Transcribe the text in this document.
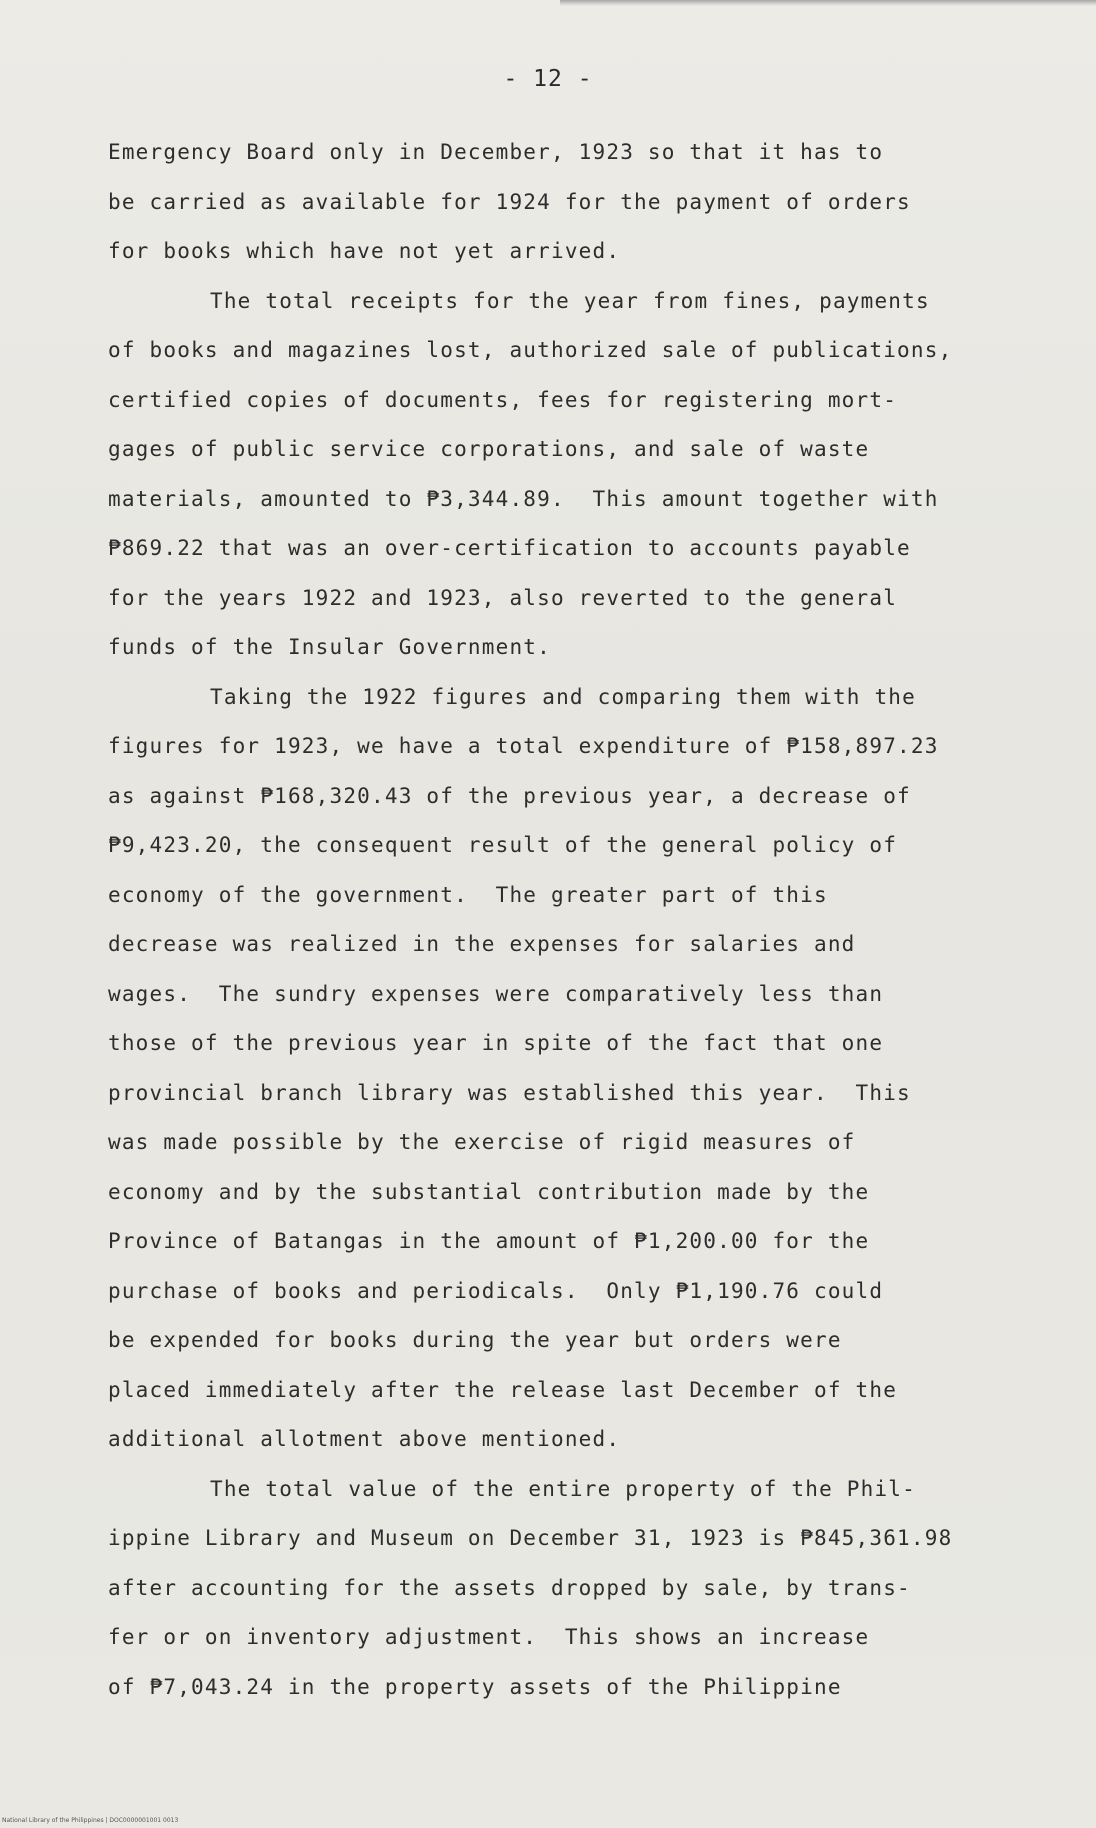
- 12 -
Emergency Board only in December, 1923 so that it has to
be carried as available for 1924 for the payment of orders
for books which have not yet arrived.
The total receipts for the year from fines, payments
of books and magazines lost, authorized sale of publications,
certified copies of documents, fees for registering mort-
gages of public service corporations, and sale of waste
materials, amounted to ₱3,344.89.  This amount together with
₱869.22 that was an over-certification to accounts payable
for the years 1922 and 1923, also reverted to the general
funds of the Insular Government.
Taking the 1922 figures and comparing them with the
figures for 1923, we have a total expenditure of ₱158,897.23
as against ₱168,320.43 of the previous year, a decrease of
₱9,423.20, the consequent result of the general policy of
economy of the government.  The greater part of this
decrease was realized in the expenses for salaries and
wages.  The sundry expenses were comparatively less than
those of the previous year in spite of the fact that one
provincial branch library was established this year.  This
was made possible by the exercise of rigid measures of
economy and by the substantial contribution made by the
Province of Batangas in the amount of ₱1,200.00 for the
purchase of books and periodicals.  Only ₱1,190.76 could
be expended for books during the year but orders were
placed immediately after the release last December of the
additional allotment above mentioned.
The total value of the entire property of the Phil-
ippine Library and Museum on December 31, 1923 is ₱845,361.98
after accounting for the assets dropped by sale, by trans-
fer or on inventory adjustment.  This shows an increase
of ₱7,043.24 in the property assets of the Philippine
National Library of the Philippines | DOC0000001001 0013
